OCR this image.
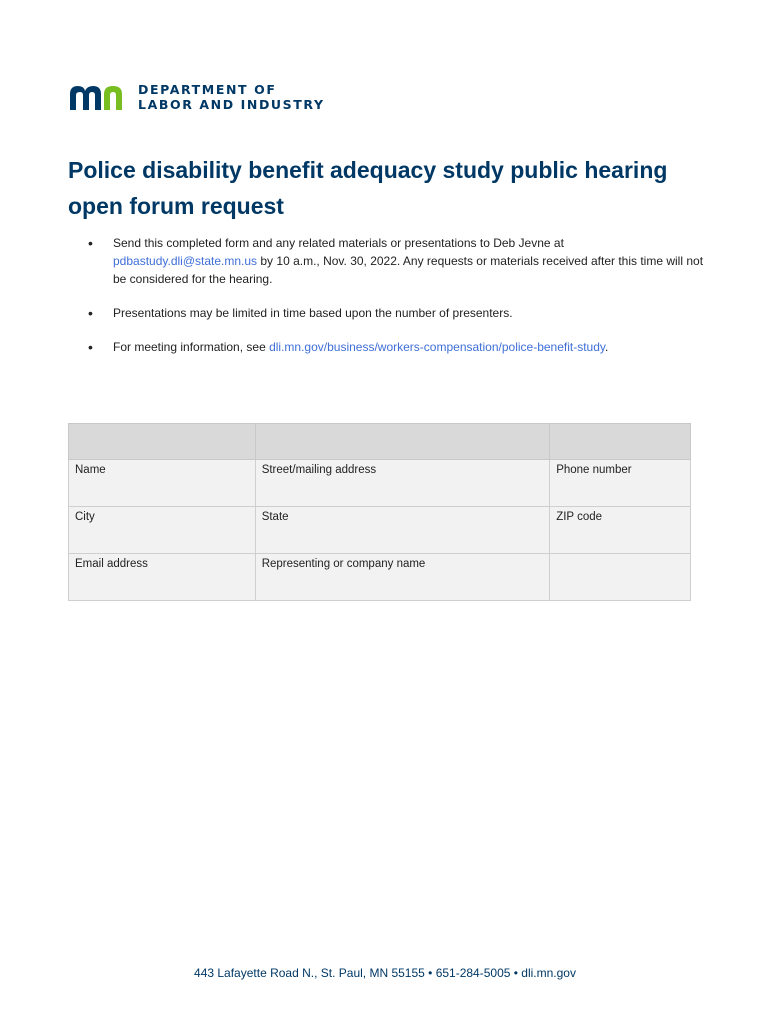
DEPARTMENT OF
LABOR AND INDUSTRY
Police disability benefit adequacy study public hearing open forum request
• Send this completed form and any related materials or presentations to Deb Jevne at
pdbastudy.dli@state.mn.us by 10 a.m., Nov. 30, 2022. Any requests or materials received after this time will not be considered for the hearing.
• Presentations may be limited in time based upon the number of presenters.
• For meeting information, see dli.mn.gov/business/workers-compensation/police-benefit-study.

Name	Street/mailing address	Phone number
City	State	ZIP code
Email address	Representing or company name	
443 Lafayette Road N., St. Paul, MN 55155 • 651-284-5005 • dli.mn.gov
